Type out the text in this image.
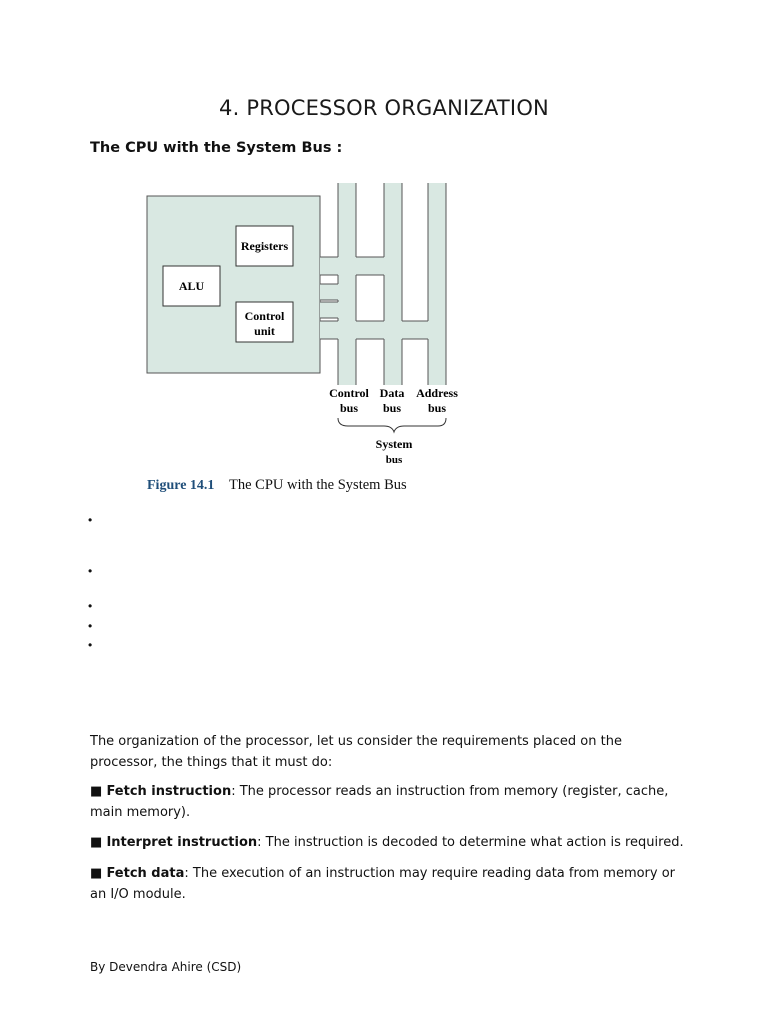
4. PROCESSOR ORGANIZATION
The CPU with the System Bus :
Registers
ALU
Control
unit
Control
bus
Data
bus
Address
bus
System
bus
Figure 14.1 The CPU with the System Bus
•
•
•
•
•
The organization of the processor, let us consider the requirements placed on the processor, the things that it must do:
■ Fetch instruction: The processor reads an instruction from memory (register, cache, main memory).
■ Interpret instruction: The instruction is decoded to determine what action is required.
■ Fetch data: The execution of an instruction may require reading data from memory or an I/O module.
By Devendra Ahire (CSD)
